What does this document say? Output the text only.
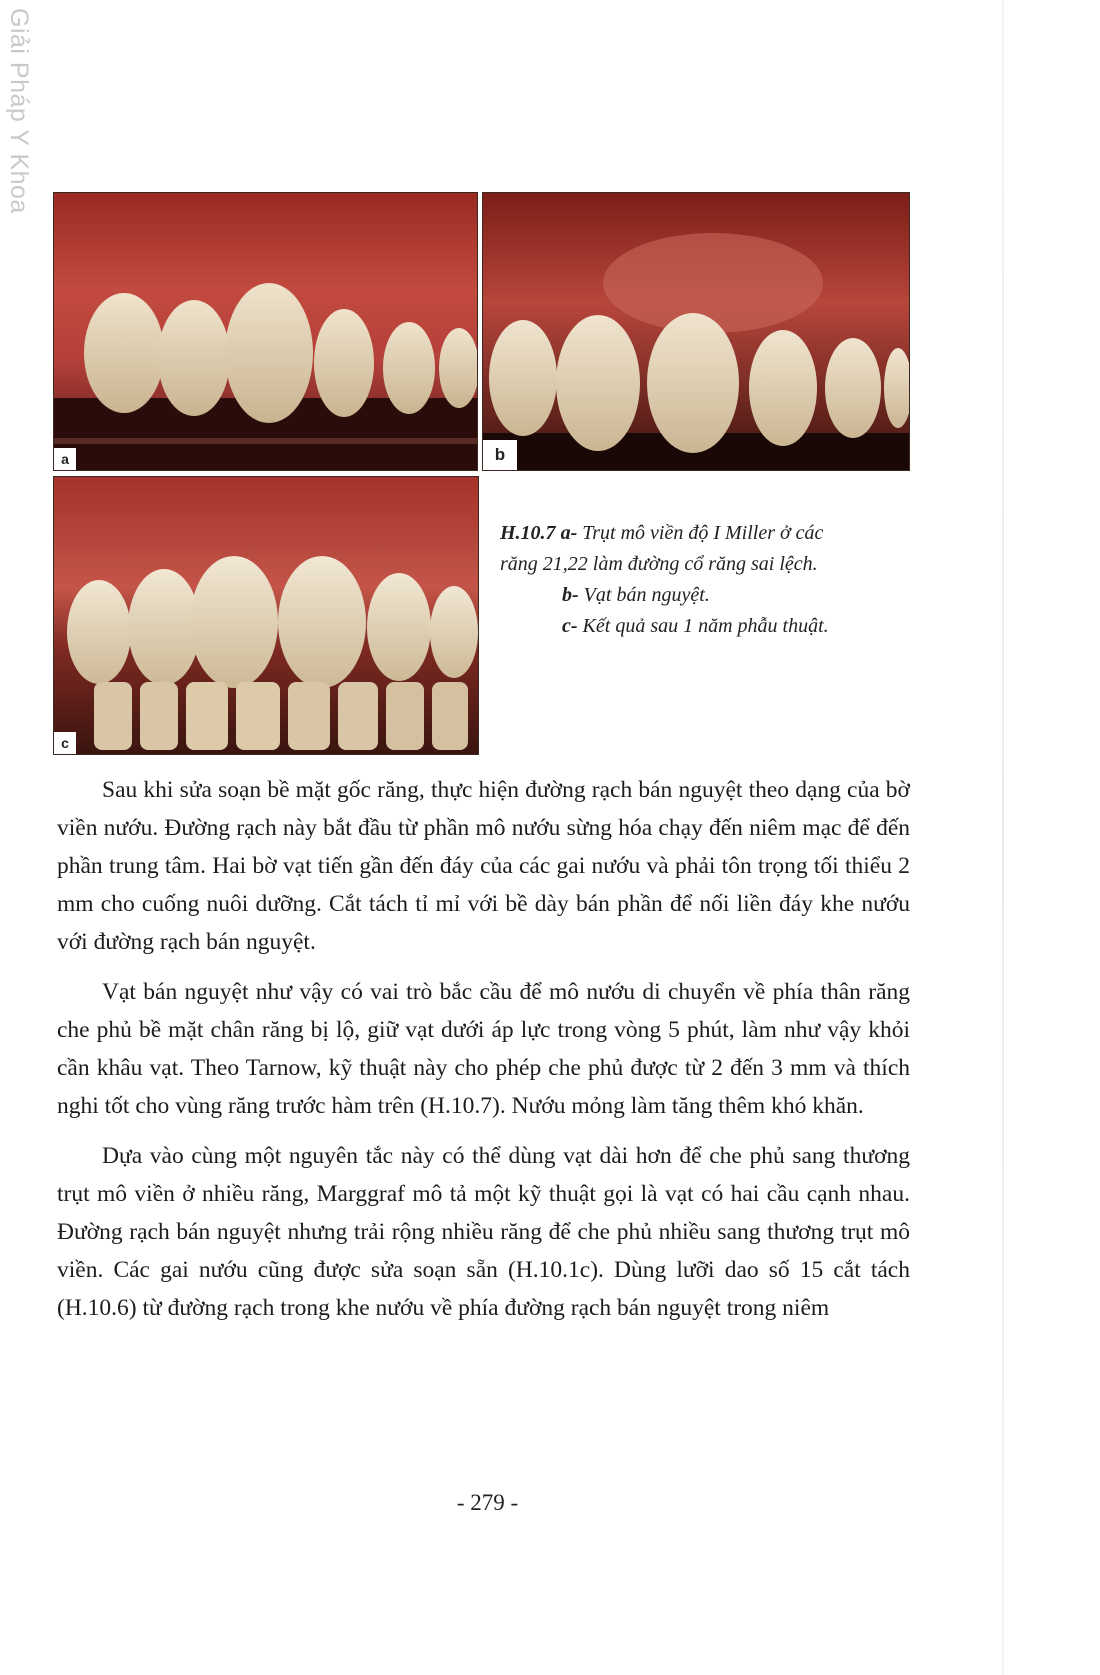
Giải Pháp Y Khoa
a	b
c
H.10.7 a- Trụt mô viền độ I Miller ở các
răng 21,22 làm đường cổ răng sai lệch.
b- Vạt bán nguyệt.
c- Kết quả sau 1 năm phẫu thuật.

Sau khi sửa soạn bề mặt gốc răng, thực hiện đường rạch bán nguyệt theo dạng của bờ viền nướu. Đường rạch này bắt đầu từ phần mô nướu sừng hóa chạy đến niêm mạc để đến phần trung tâm. Hai bờ vạt tiến gần đến đáy của các gai nướu và phải tôn trọng tối thiểu 2 mm cho cuống nuôi dưỡng. Cắt tách tỉ mỉ với bề dày bán phần để nối liền đáy khe nướu với đường rạch bán nguyệt.

Vạt bán nguyệt như vậy có vai trò bắc cầu để mô nướu di chuyển về phía thân răng che phủ bề mặt chân răng bị lộ, giữ vạt dưới áp lực trong vòng 5 phút, làm như vậy khỏi cần khâu vạt. Theo Tarnow, kỹ thuật này cho phép che phủ được từ 2 đến 3 mm và thích nghi tốt cho vùng răng trước hàm trên (H.10.7). Nướu mỏng làm tăng thêm khó khăn.

Dựa vào cùng một nguyên tắc này có thể dùng vạt dài hơn để che phủ sang thương trụt mô viền ở nhiều răng, Marggraf mô tả một kỹ thuật gọi là vạt có hai cầu cạnh nhau. Đường rạch bán nguyệt nhưng trải rộng nhiều răng để che phủ nhiều sang thương trụt mô viền. Các gai nướu cũng được sửa soạn sẵn (H.10.1c). Dùng lưỡi dao số 15 cắt tách (H.10.6) từ đường rạch trong khe nướu về phía đường rạch bán nguyệt trong niêm

- 279 -
